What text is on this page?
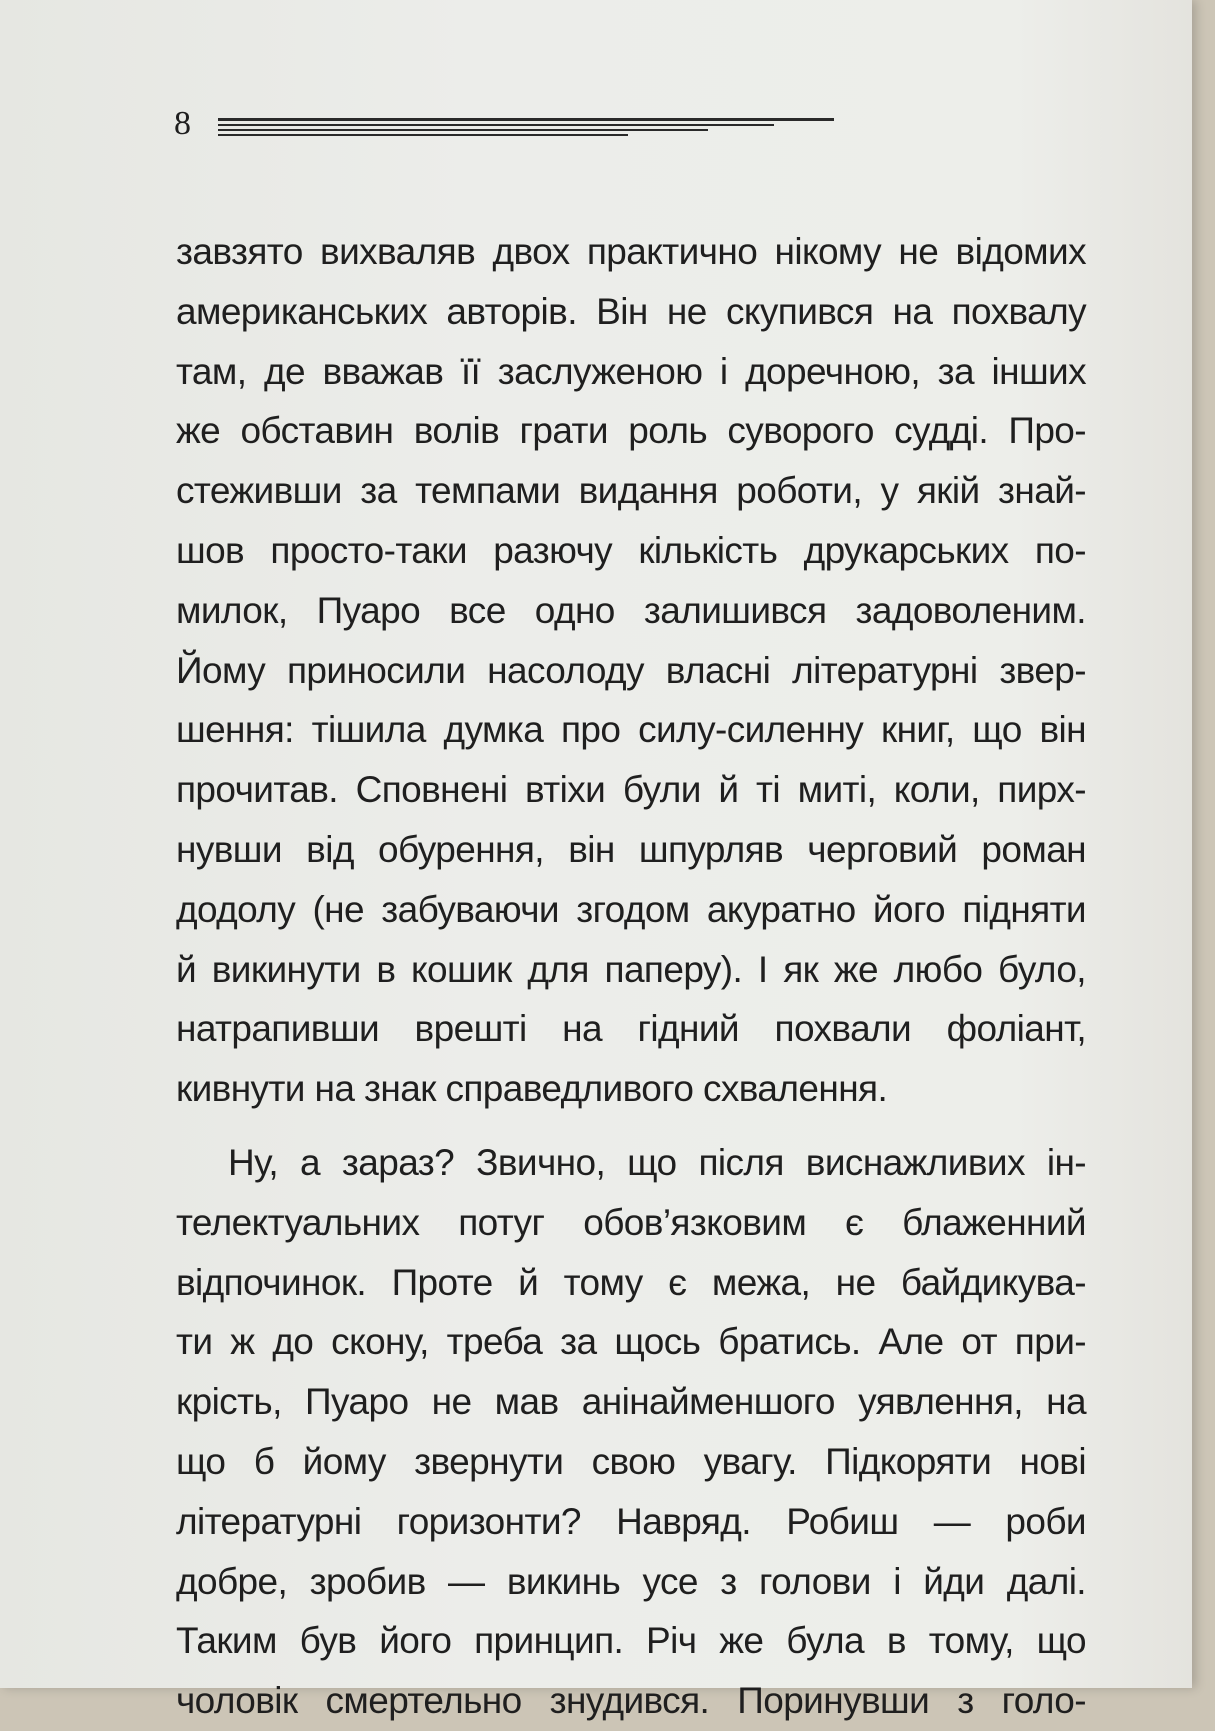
8
завзято вихваляв двох практично нікому не відомих
американських авторів. Він не скупився на похвалу
там, де вважав її заслуженою і доречною, за інших
же обставин волів грати роль суворого судді. Про-
стеживши за темпами видання роботи, у якій знай-
шов просто-таки разючу кількість друкарських по-
милок, Пуаро все одно залишився задоволеним.
Йому приносили насолоду власні літературні звер-
шення: тішила думка про силу-силенну книг, що він
прочитав. Сповнені втіхи були й ті миті, коли, пирх-
нувши від обурення, він шпурляв черговий роман
додолу (не забуваючи згодом акуратно його підняти
й викинути в кошик для паперу). І як же любо було,
натрапивши врешті на гідний похвали фоліант,
кивнути на знак справедливого схвалення.
Ну, а зараз? Звично, що після виснажливих ін-
телектуальних потуг обов’язковим є блаженний
відпочинок. Проте й тому є межа, не байдикува-
ти ж до скону, треба за щось братись. Але от при-
крість, Пуаро не мав анінайменшого уявлення, на
що б йому звернути свою увагу. Підкоряти нові
літературні горизонти? Навряд. Робиш — роби
добре, зробив — викинь усе з голови і йди далі.
Таким був його принцип. Річ же була в тому, що
чоловік смертельно знудився. Поринувши з голо-
